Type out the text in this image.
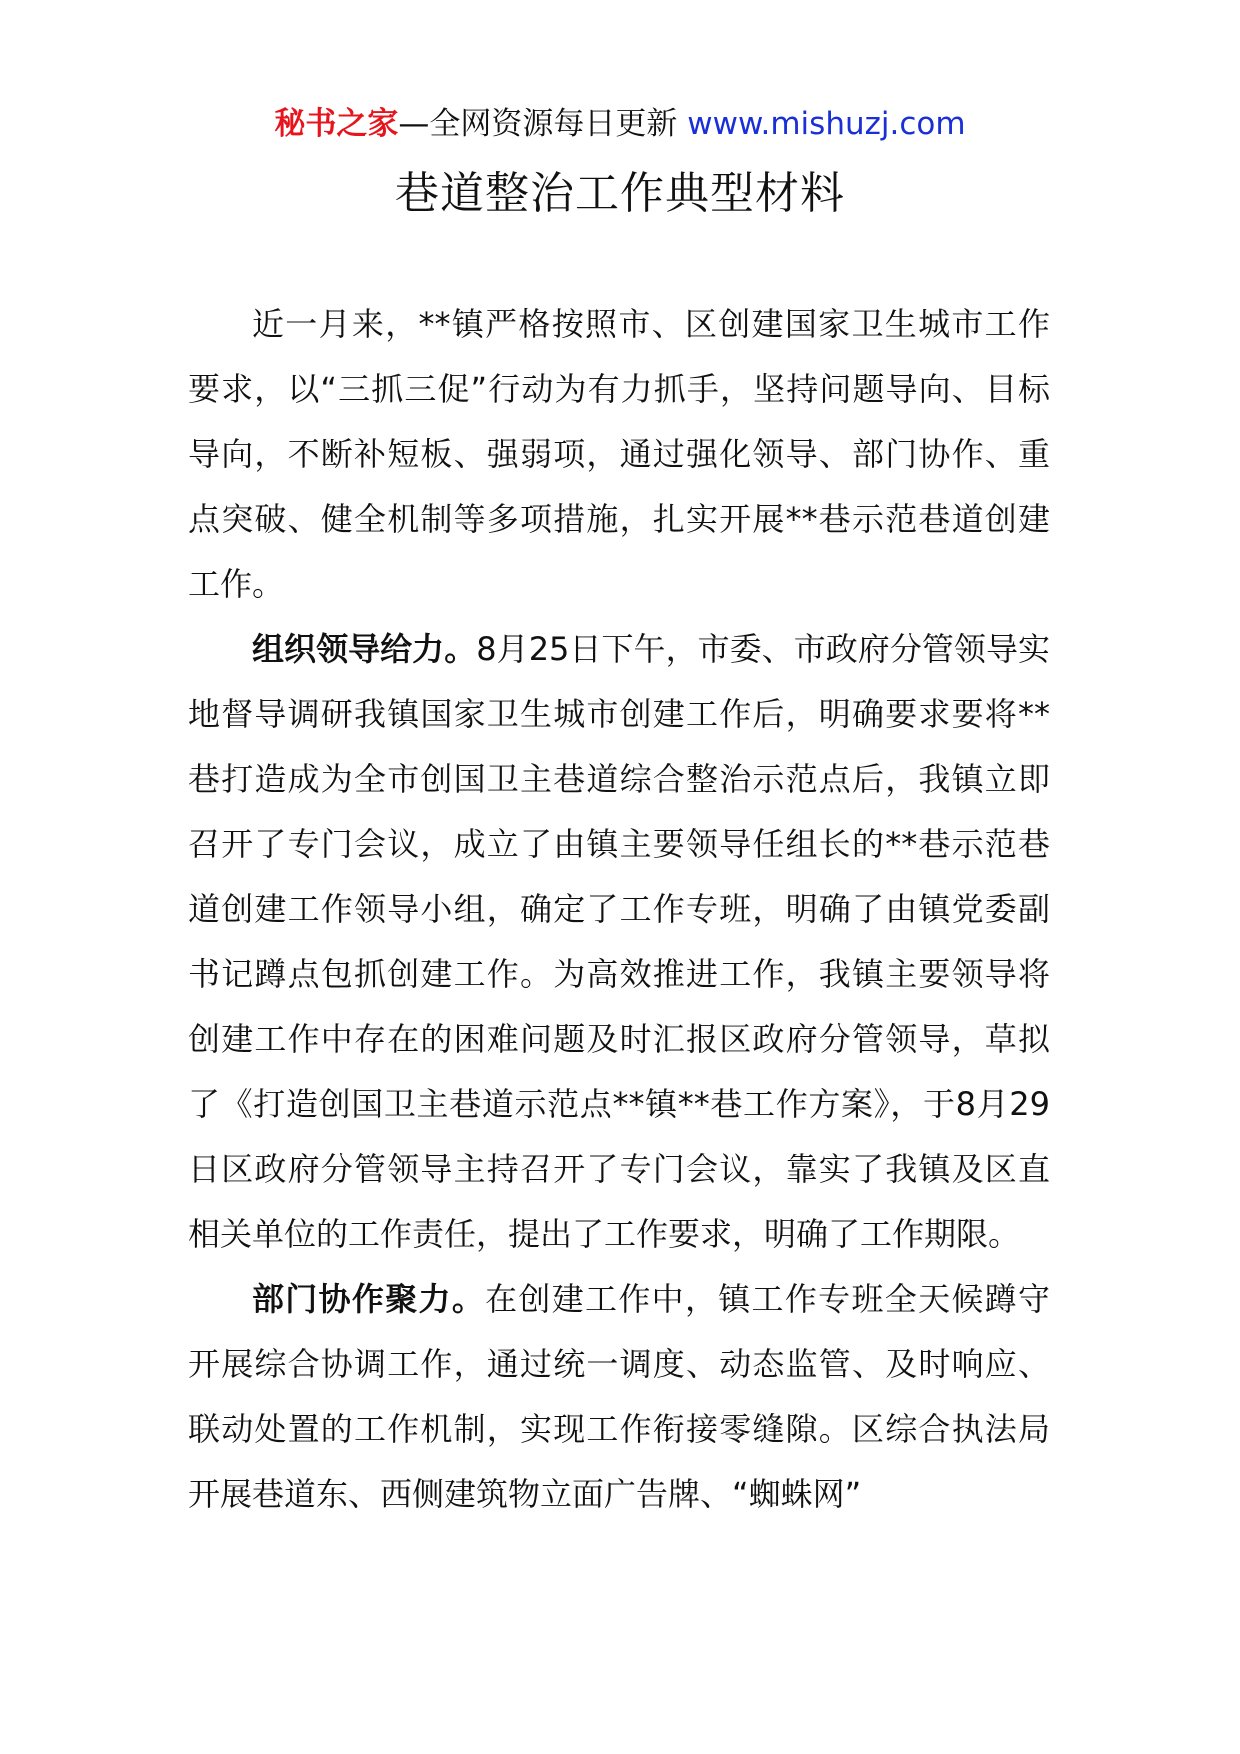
秘书之家—全网资源每日更新 www.mishuzj.com
巷道整治工作典型材料

近一月来，**镇严格按照市、区创建国家卫生城市工作要求，以“三抓三促”行动为有力抓手，坚持问题导向、目标导向，不断补短板、强弱项，通过强化领导、部门协作、重点突破、健全机制等多项措施，扎实开展**巷示范巷道创建工作。

组织领导给力。8月25日下午，市委、市政府分管领导实地督导调研我镇国家卫生城市创建工作后，明确要求要将**巷打造成为全市创国卫主巷道综合整治示范点后，我镇立即召开了专门会议，成立了由镇主要领导任组长的**巷示范巷道创建工作领导小组，确定了工作专班，明确了由镇党委副书记蹲点包抓创建工作。为高效推进工作，我镇主要领导将创建工作中存在的困难问题及时汇报区政府分管领导，草拟了《打造创国卫主巷道示范点**镇**巷工作方案》，于8月29日区政府分管领导主持召开了专门会议，靠实了我镇及区直相关单位的工作责任，提出了工作要求，明确了工作期限。

部门协作聚力。在创建工作中，镇工作专班全天候蹲守开展综合协调工作，通过统一调度、动态监管、及时响应、联动处置的工作机制，实现工作衔接零缝隙。区综合执法局开展巷道东、西侧建筑物立面广告牌、“蜘蛛网”
